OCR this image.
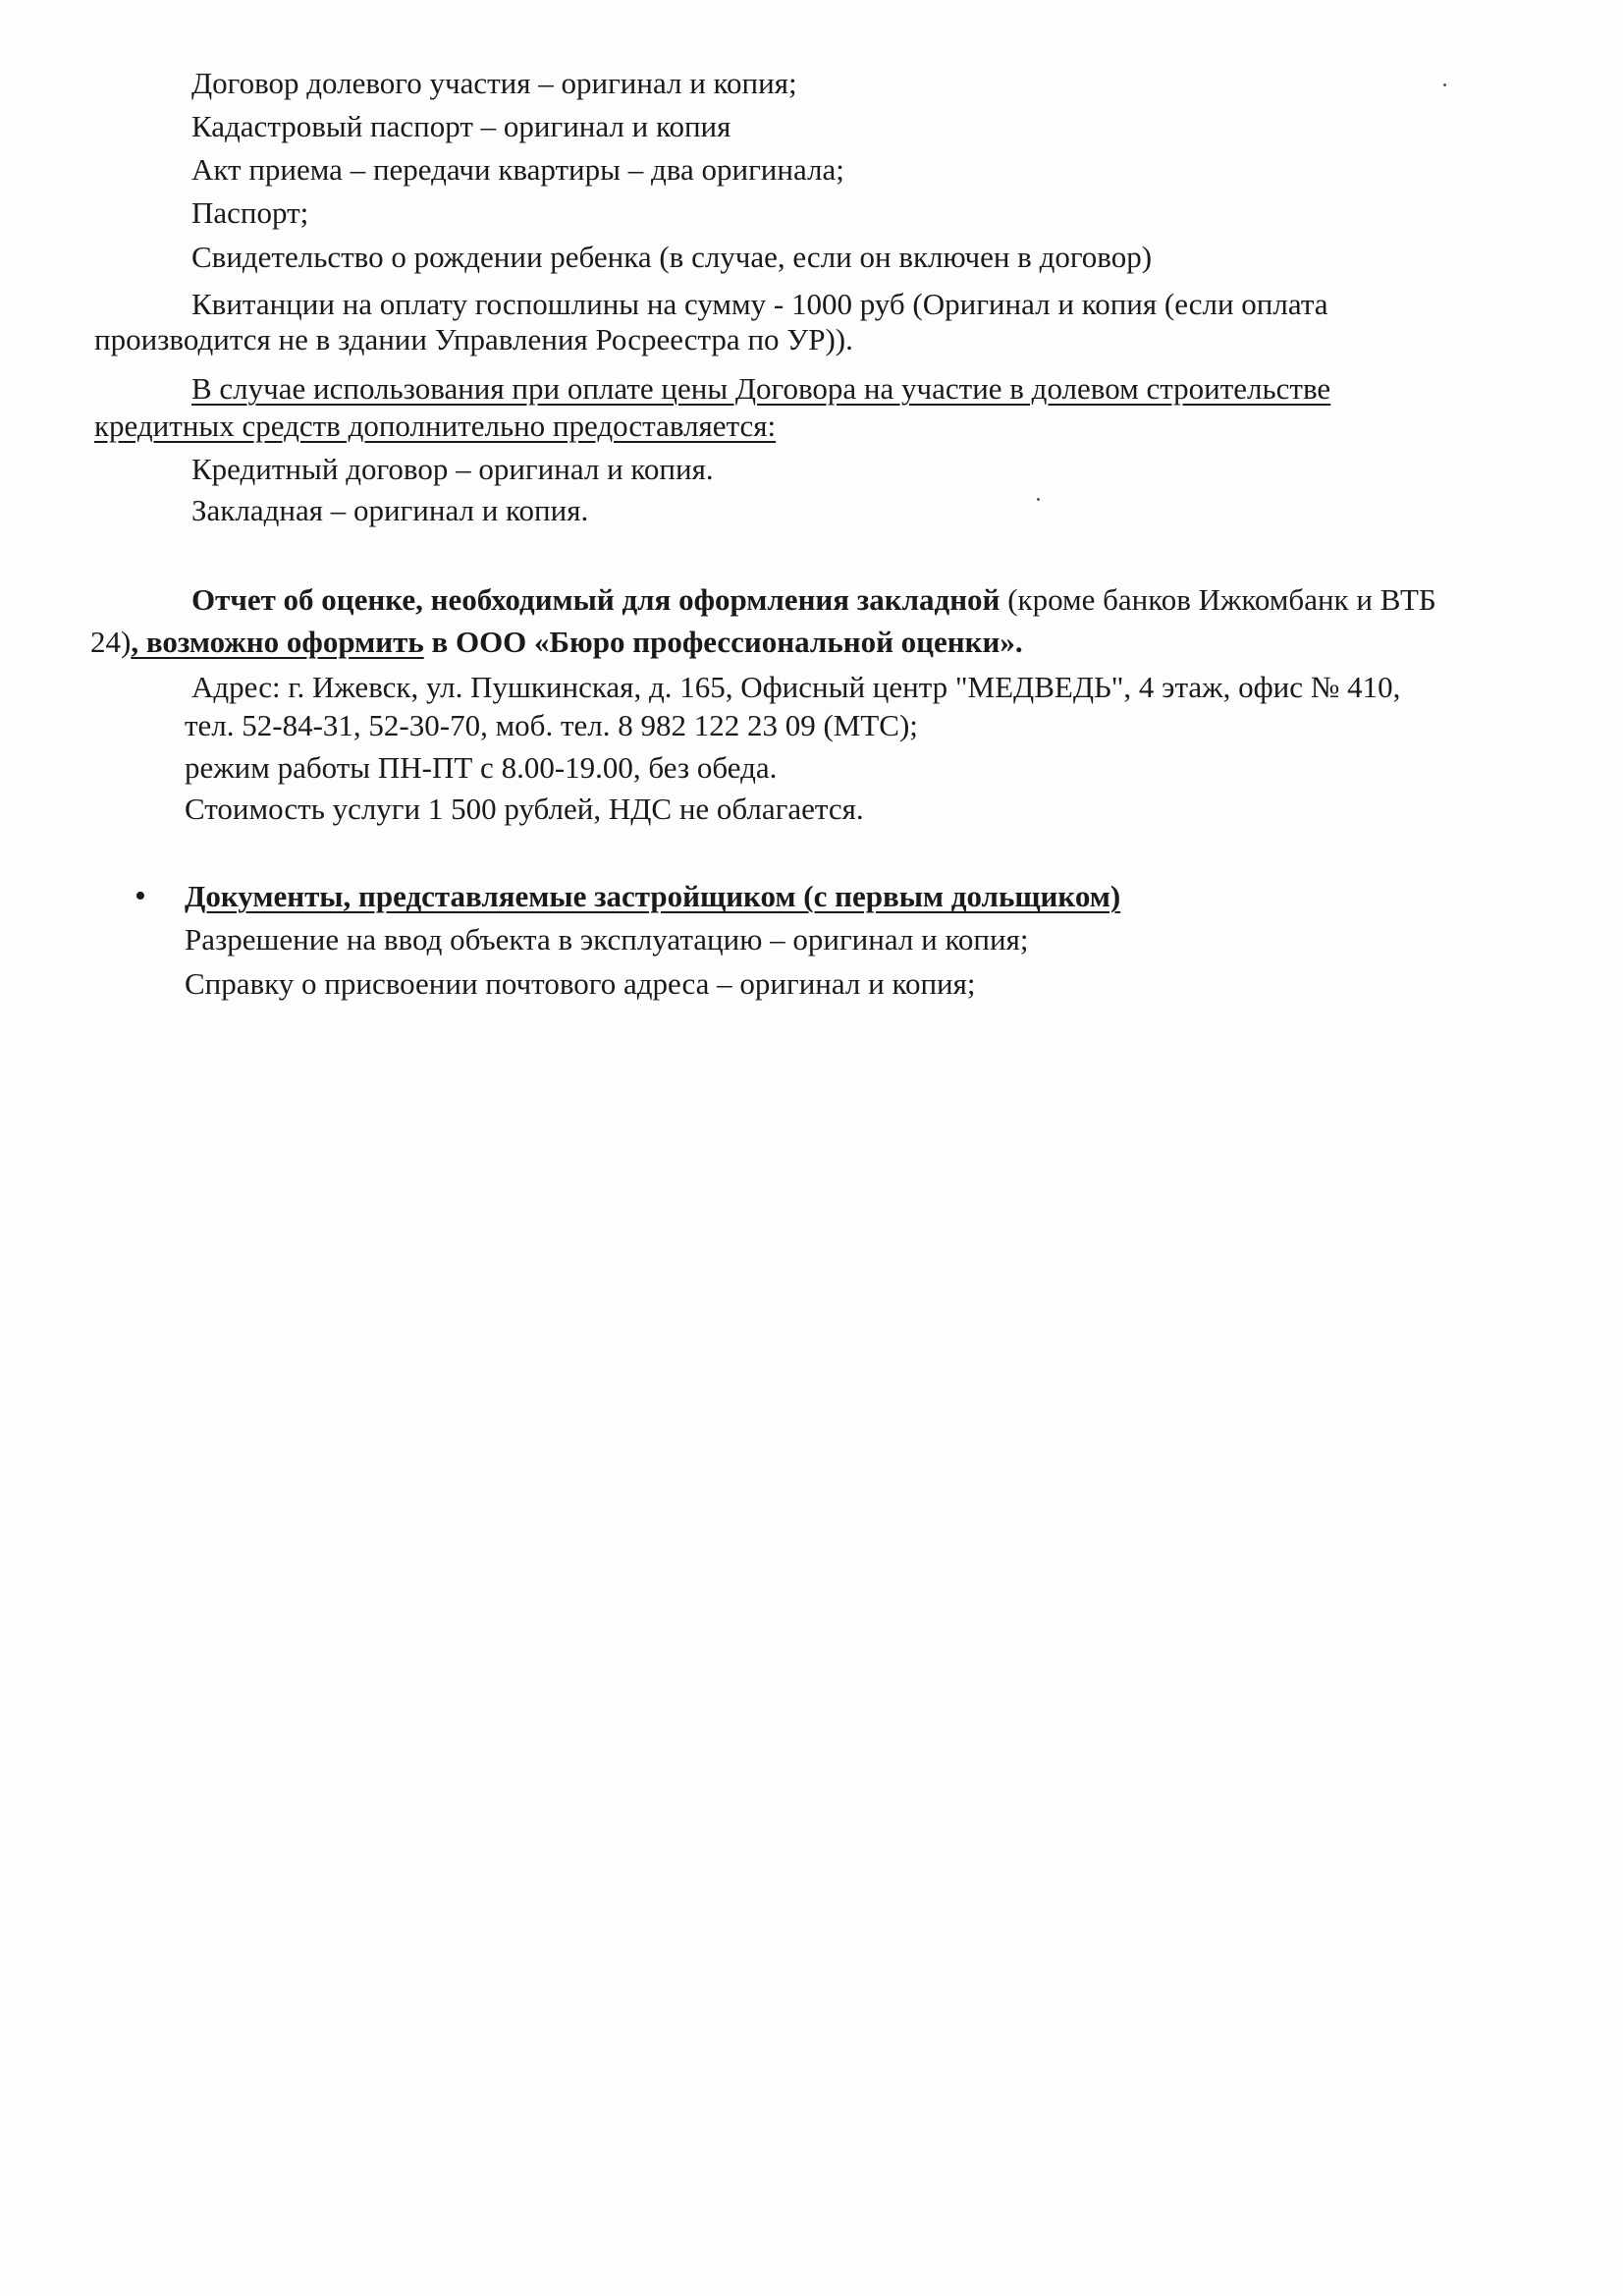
Договор долевого участия – оригинал и копия;
Кадастровый паспорт – оригинал и копия
Акт приема – передачи квартиры – два оригинала;
Паспорт;
Свидетельство о рождении ребенка (в случае, если он включен в договор)
Квитанции на оплату госпошлины на сумму - 1000 руб (Оригинал и копия (если оплата
производится не в здании Управления Росреестра по УР)).
В случае использования при оплате цены Договора на участие в долевом строительстве
кредитных средств дополнительно предоставляется:
Кредитный договор – оригинал и копия.
Закладная – оригинал и копия.
Отчет об оценке, необходимый для оформления закладной (кроме банков Ижкомбанк и ВТБ
24), возможно оформить в ООО «Бюро профессиональной оценки».
Адрес: г. Ижевск, ул. Пушкинская, д. 165, Офисный центр "МЕДВЕДЬ", 4 этаж, офис № 410,
тел. 52-84-31, 52-30-70, моб. тел. 8 982 122 23 09 (МТС);
режим работы ПН-ПТ с 8.00-19.00, без обеда.
Стоимость услуги 1 500 рублей, НДС не облагается.
• Документы, представляемые застройщиком (с первым дольщиком)
Разрешение на ввод объекта в эксплуатацию – оригинал и копия;
Справку о присвоении почтового адреса – оригинал и копия;
